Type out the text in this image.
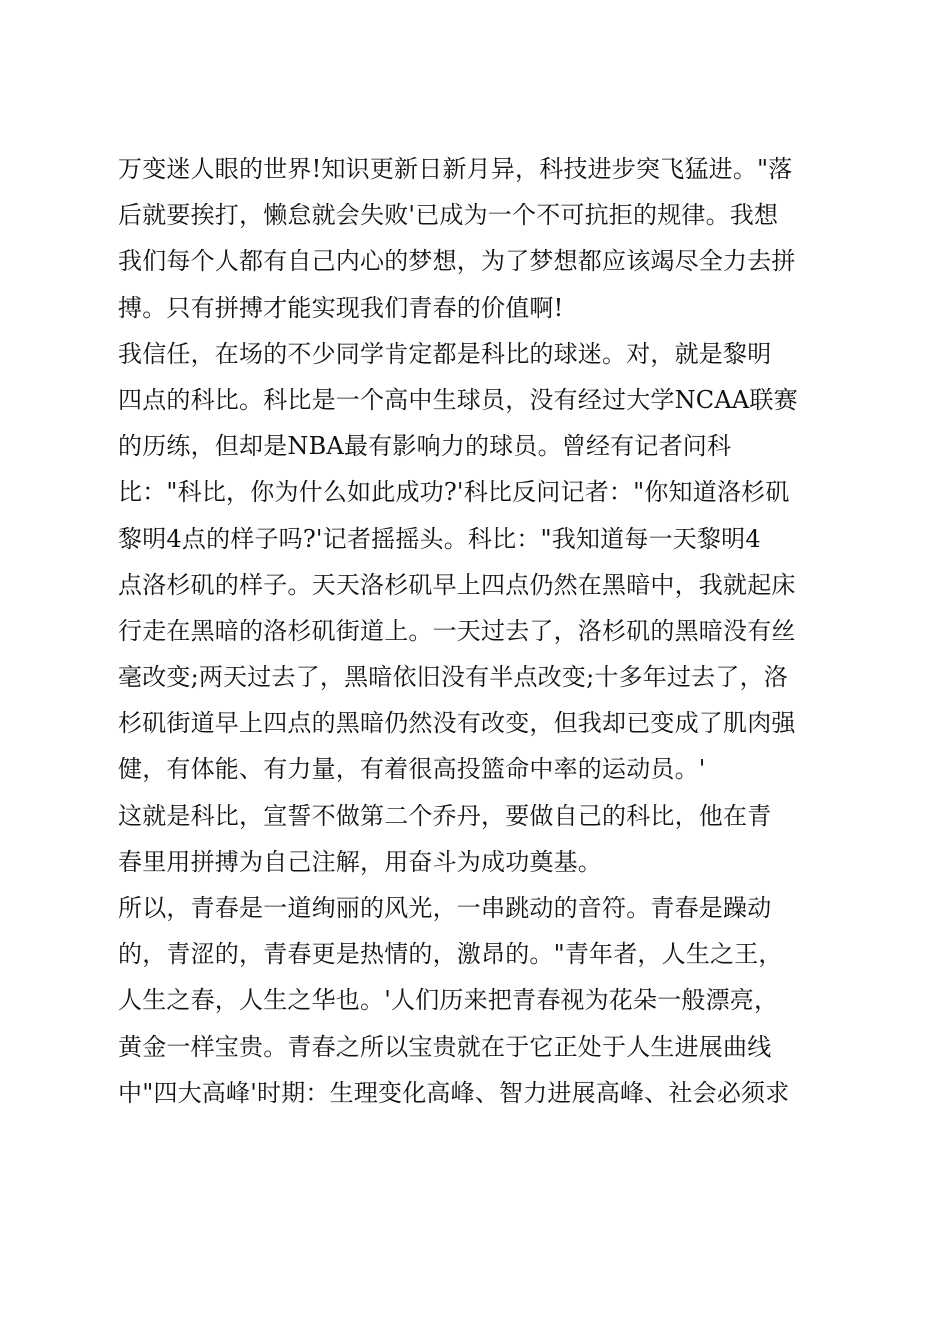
万变迷人眼的世界!知识更新日新月异，科技进步突飞猛进。"落
后就要挨打，懒怠就会失败'已成为一个不可抗拒的规律。我想
我们每个人都有自己内心的梦想，为了梦想都应该竭尽全力去拼
搏。只有拼搏才能实现我们青春的价值啊!
我信任，在场的不少同学肯定都是科比的球迷。对，就是黎明
四点的科比。科比是一个高中生球员，没有经过大学NCAA联赛
的历练，但却是NBA最有影响力的球员。曾经有记者问科
比："科比，你为什么如此成功?'科比反问记者："你知道洛杉矶
黎明4点的样子吗?'记者摇摇头。科比："我知道每一天黎明4
点洛杉矶的样子。天天洛杉矶早上四点仍然在黑暗中，我就起床
行走在黑暗的洛杉矶街道上。一天过去了，洛杉矶的黑暗没有丝
毫改变;两天过去了，黑暗依旧没有半点改变;十多年过去了，洛
杉矶街道早上四点的黑暗仍然没有改变，但我却已变成了肌肉强
健，有体能、有力量，有着很高投篮命中率的运动员。'
这就是科比，宣誓不做第二个乔丹，要做自己的科比，他在青
春里用拼搏为自己注解，用奋斗为成功奠基。
所以，青春是一道绚丽的风光，一串跳动的音符。青春是躁动
的，青涩的，青春更是热情的，激昂的。"青年者，人生之王，
人生之春，人生之华也。'人们历来把青春视为花朵一般漂亮，
黄金一样宝贵。青春之所以宝贵就在于它正处于人生进展曲线
中"四大高峰'时期：生理变化高峰、智力进展高峰、社会必须求
